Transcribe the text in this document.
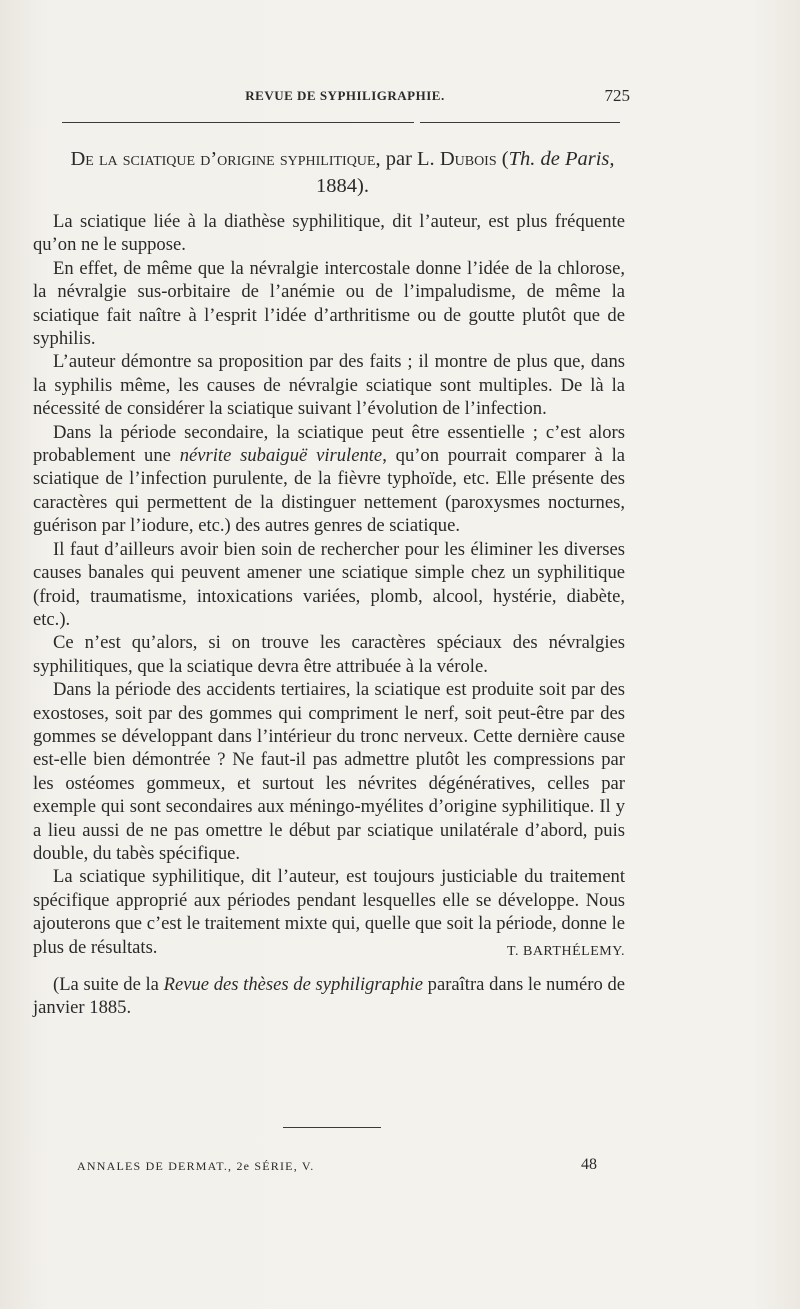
REVUE DE SYPHILIGRAPHIE.	725
De la sciatique d’origine syphilitique, par L. Dubois (Th. de Paris, 1884).

La sciatique liée à la diathèse syphilitique, dit l’auteur, est plus fréquente qu’on ne le suppose.

En effet, de même que la névralgie intercostale donne l’idée de la chlorose, la névralgie sus-orbitaire de l’anémie ou de l’impaludisme, de même la sciatique fait naître à l’esprit l’idée d’arthritisme ou de goutte plutôt que de syphilis.

L’auteur démontre sa proposition par des faits ; il montre de plus que, dans la syphilis même, les causes de névralgie sciatique sont multiples. De là la nécessité de considérer la sciatique suivant l’évolution de l’infection.

Dans la période secondaire, la sciatique peut être essentielle ; c’est alors probablement une névrite subaiguë virulente, qu’on pourrait comparer à la sciatique de l’infection purulente, de la fièvre typhoïde, etc. Elle présente des caractères qui permettent de la distinguer nettement (paroxysmes nocturnes, guérison par l’iodure, etc.) des autres genres de sciatique.

Il faut d’ailleurs avoir bien soin de rechercher pour les éliminer les diverses causes banales qui peuvent amener une sciatique simple chez un syphilitique (froid, traumatisme, intoxications variées, plomb, alcool, hystérie, diabète, etc.).

Ce n’est qu’alors, si on trouve les caractères spéciaux des névralgies syphilitiques, que la sciatique devra être attribuée à la vérole.

Dans la période des accidents tertiaires, la sciatique est produite soit par des exostoses, soit par des gommes qui compriment le nerf, soit peut-être par des gommes se développant dans l’intérieur du tronc nerveux. Cette dernière cause est-elle bien démontrée ? Ne faut-il pas admettre plutôt les compressions par les ostéomes gommeux, et surtout les névrites dégénératives, celles par exemple qui sont secondaires aux méningo-myélites d’origine syphilitique. Il y a lieu aussi de ne pas omettre le début par sciatique unilatérale d’abord, puis double, du tabès spécifique.

La sciatique syphilitique, dit l’auteur, est toujours justiciable du traitement spécifique approprié aux périodes pendant lesquelles elle se développe. Nous ajouterons que c’est le traitement mixte qui, quelle que soit la période, donne le plus de résultats.	T. BARTHÉLEMY.

(La suite de la Revue des thèses de syphiligraphie paraîtra dans le numéro de janvier 1885.

ANNALES DE DERMAT., 2e SÉRIE, V.	48
